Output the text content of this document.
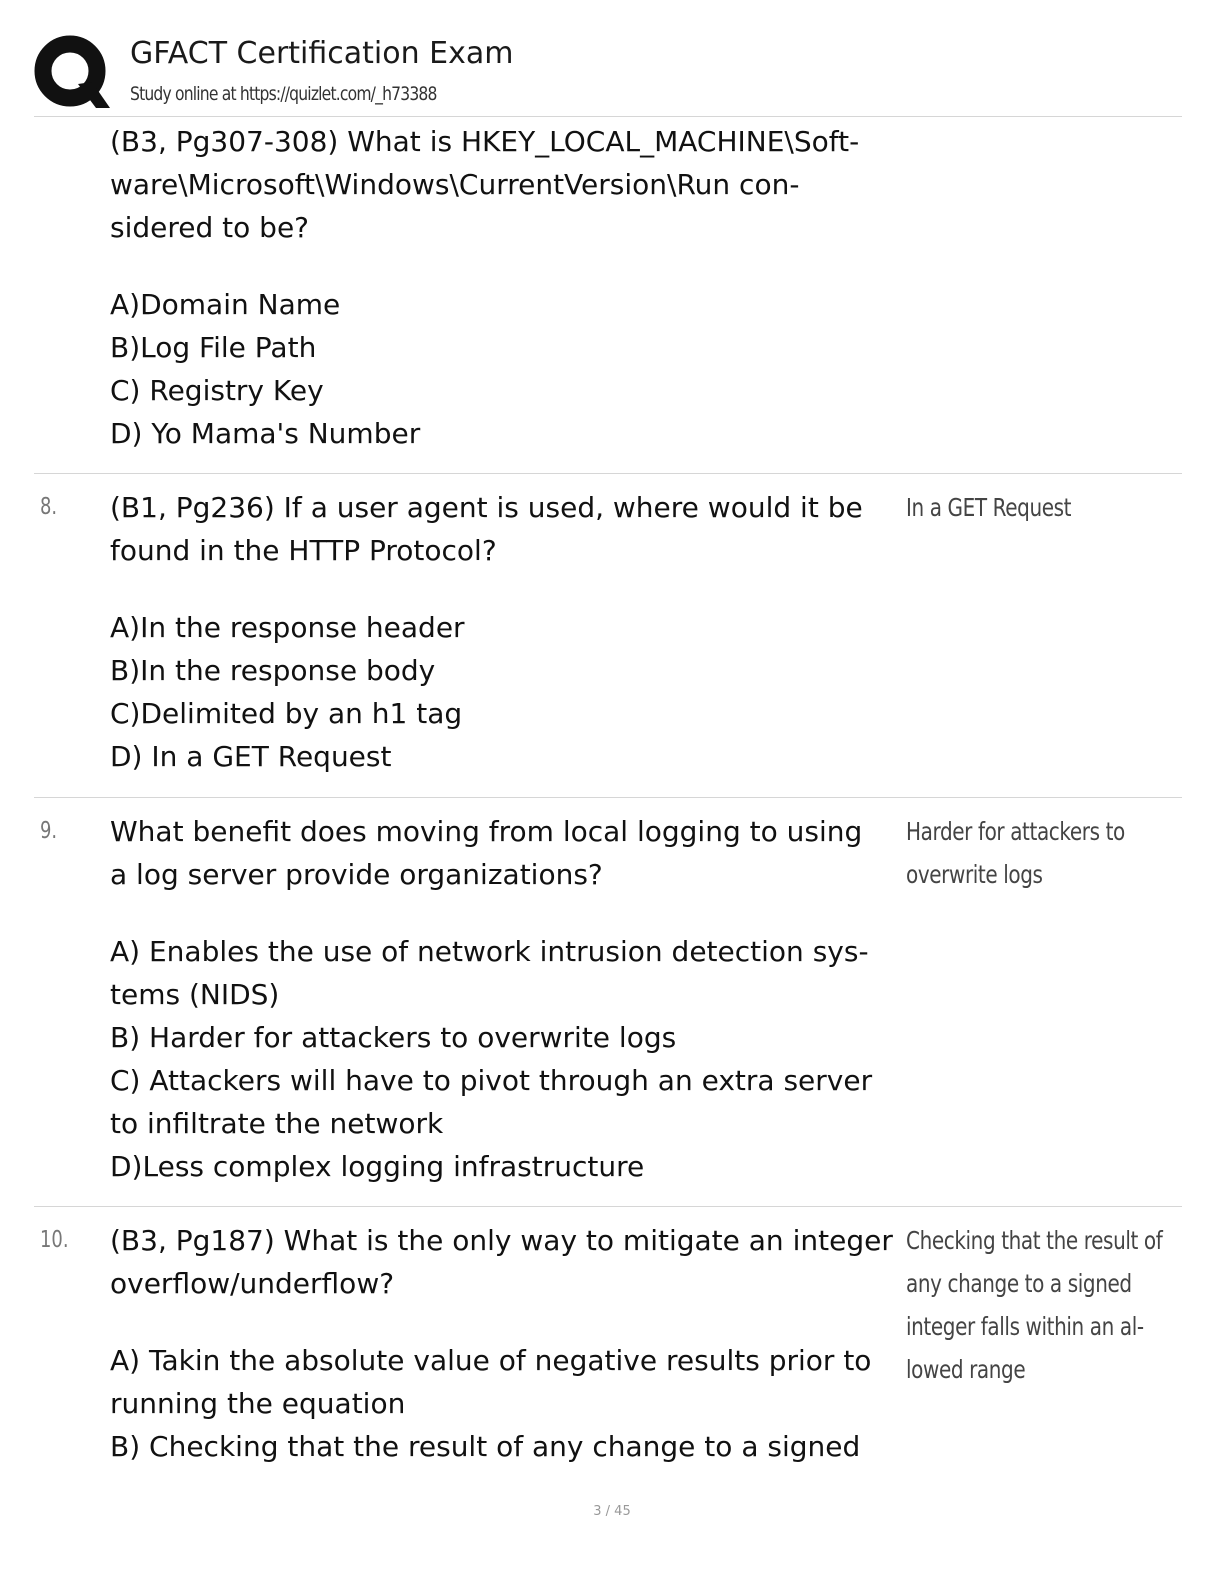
GFACT Certification Exam
Study online at https://quizlet.com/_h73388

(B3, Pg307-308) What is HKEY_LOCAL_MACHINE\Soft-

ware\Microsoft\Windows\CurrentVersion\Run con-

sidered to be?

A)Domain Name

B)Log File Path

C) Registry Key

D) Yo Mama's Number

8. (B1, Pg236) If a user agent is used, where would it be

found in the HTTP Protocol?

A)In the response header

B)In the response body

C)Delimited by an h1 tag

D) In a GET Request

In a GET Request

9. What benefit does moving from local logging to using

a log server provide organizations?

A) Enables the use of network intrusion detection sys-

tems (NIDS)

B) Harder for attackers to overwrite logs

C) Attackers will have to pivot through an extra server

to infiltrate the network

D)Less complex logging infrastructure

Harder for attackers to

overwrite logs

10. (B3, Pg187) What is the only way to mitigate an integer

overflow/underflow?

A) Takin the absolute value of negative results prior to

running the equation

B) Checking that the result of any change to a signed

Checking that the result of

any change to a signed

integer falls within an al-

lowed range

3 / 45
